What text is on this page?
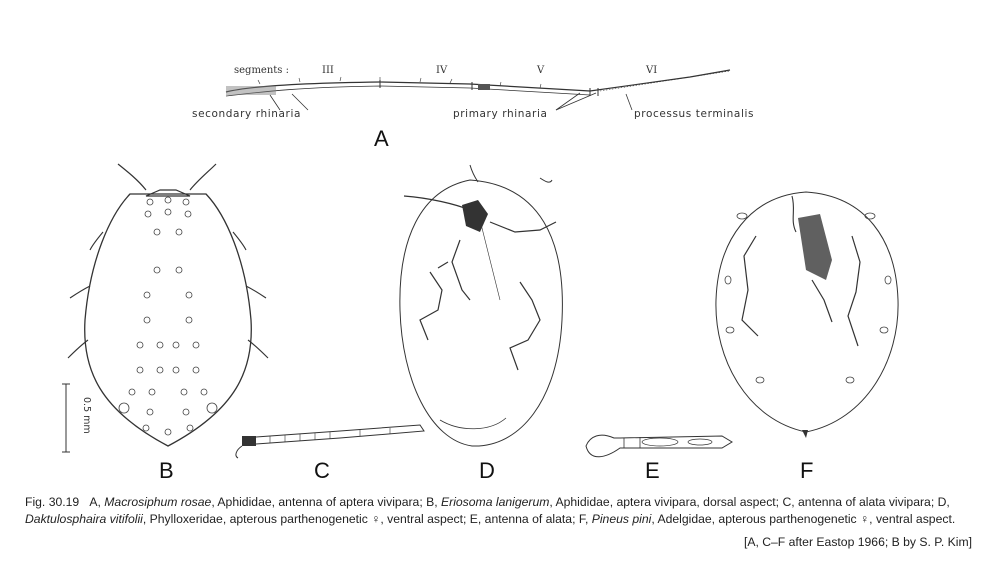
segments :	III	IV	V	VI
secondary rhinaria	primary rhinaria	processus terminalis
A
0.5 mm
B	C	D	E	F
Fig. 30.19 A, Macrosiphum rosae, Aphididae, antenna of aptera vivipara; B, Eriosoma lanigerum, Aphididae, aptera vivipara, dorsal aspect; C, antenna of alata vivipara; D, Daktulosphaira vitifolii, Phylloxeridae, apterous parthenogenetic ♀, ventral aspect; E, antenna of alata; F, Pineus pini, Adelgidae, apterous parthenogenetic ♀, ventral aspect.
[A, C–F after Eastop 1966; B by S. P. Kim]
